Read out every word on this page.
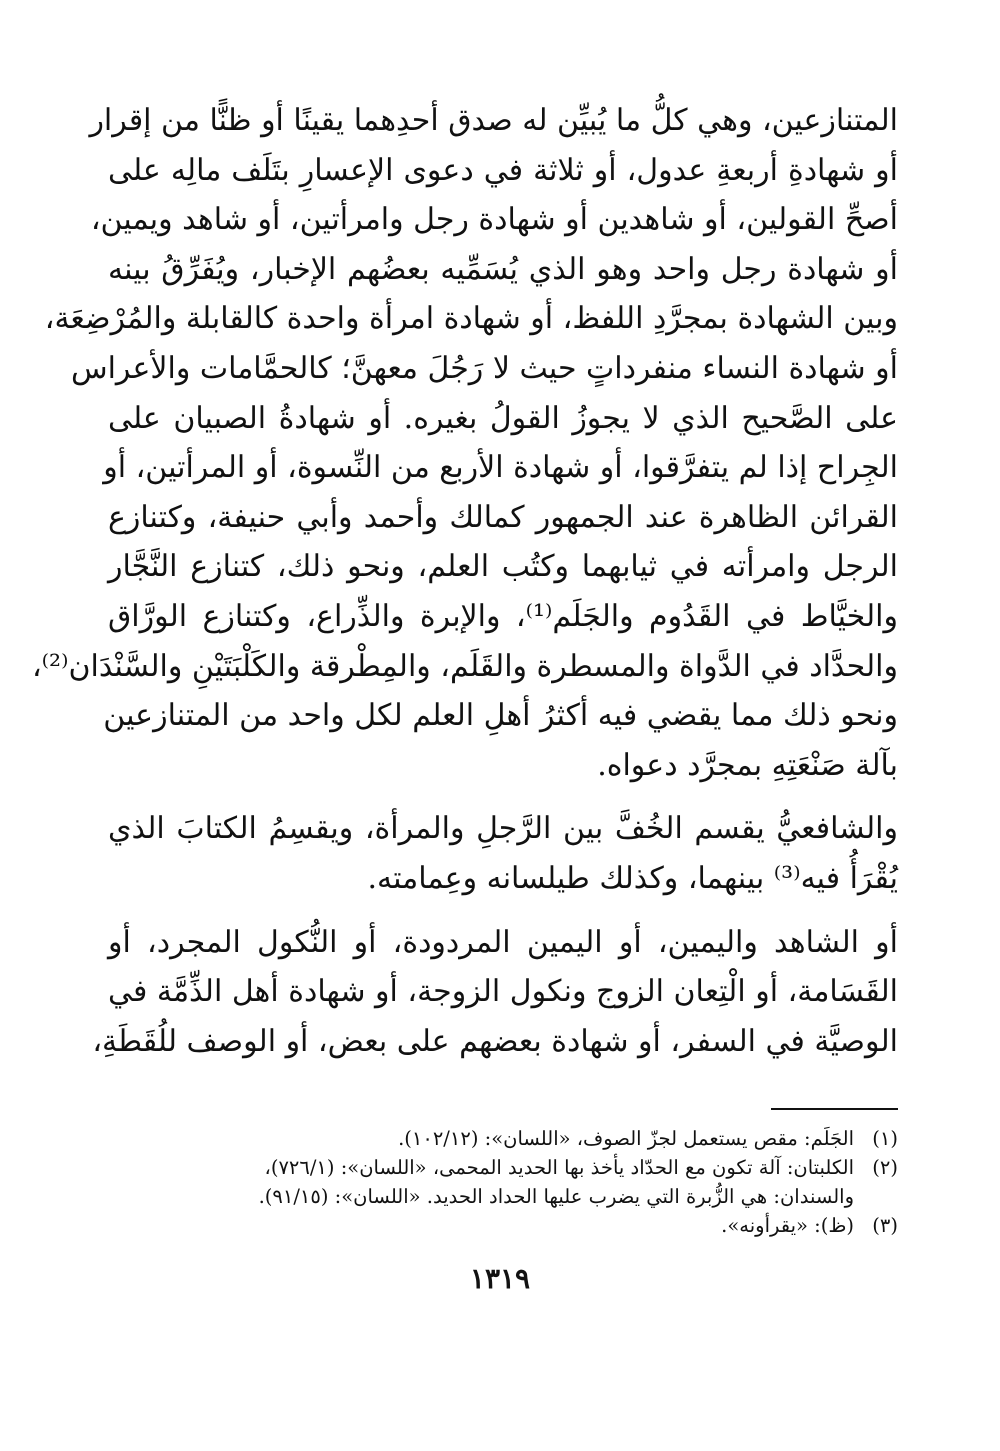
المتنازعين، وهي كلُّ ما يُبيِّن له صدق أحدِهما يقينًا أو ظنًّا من إقرار
أو شهادةِ أربعةِ عدول، أو ثلاثة في دعوى الإعسارِ بتَلَف مالِه على
أصحِّ القولين، أو شاهدين أو شهادة رجل وامرأتين، أو شاهد ويمين،
أو شهادة رجل واحد وهو الذي يُسَمِّيه بعضُهم الإخبار، ويُفَرِّقُ بينه
وبين الشهادة بمجرَّدِ اللفظ، أو شهادة امرأة واحدة كالقابلة والمُرْضِعَة،
أو شهادة النساء منفرداتٍ حيث لا رَجُلَ معهنَّ؛ كالحمَّامات والأعراس
على الصَّحيح الذي لا يجوزُ القولُ بغيره. أو شهادةُ الصبيان على
الجِراح إذا لم يتفرَّقوا، أو شهادة الأربع من النِّسوة، أو المرأتين، أو
القرائن الظاهرة عند الجمهور كمالك وأحمد وأبي حنيفة، وكتنازع
الرجل وامرأته في ثيابهما وكتُب العلم، ونحو ذلك، كتنازع النَّجَّار
والخيَّاط في القَدُوم والجَلَم⁽¹⁾، والإبرة والذِّراع، وكتنازع الورَّاق
والحدَّاد في الدَّواة والمسطرة والقَلَم، والمِطْرقة والكَلْبَتَيْنِ والسَّنْدَان⁽²⁾،
ونحو ذلك مما يقضي فيه أكثرُ أهلِ العلم لكل واحد من المتنازعين
بآلة صَنْعَتِهِ بمجرَّد دعواه.
والشافعيُّ يقسم الخُفَّ بين الرَّجلِ والمرأة، ويقسِمُ الكتابَ الذي
يُقْرَأُ فيه⁽³⁾ بينهما، وكذلك طيلسانه وعِمامته.
أو الشاهد واليمين، أو اليمين المردودة، أو النُّكول المجرد، أو
القَسَامة، أو الْتِعان الزوج ونكول الزوجة، أو شهادة أهل الذِّمَّة في
الوصيَّة في السفر، أو شهادة بعضهم على بعض، أو الوصف للُقَطَةِ،
(١)
الجَلَم: مقص يستعمل لجزّ الصوف، «اللسان»: (١٠٢/١٢).
(٢)
الكلبتان: آلة تكون مع الحدّاد يأخذ بها الحديد المحمى، «اللسان»: (٧٢٦/١)،
والسندان: هي الزُّبرة التي يضرب عليها الحداد الحديد. «اللسان»: (٩١/١٥).
(٣)
(ظ): «يقرأونه».
١٣١٩
